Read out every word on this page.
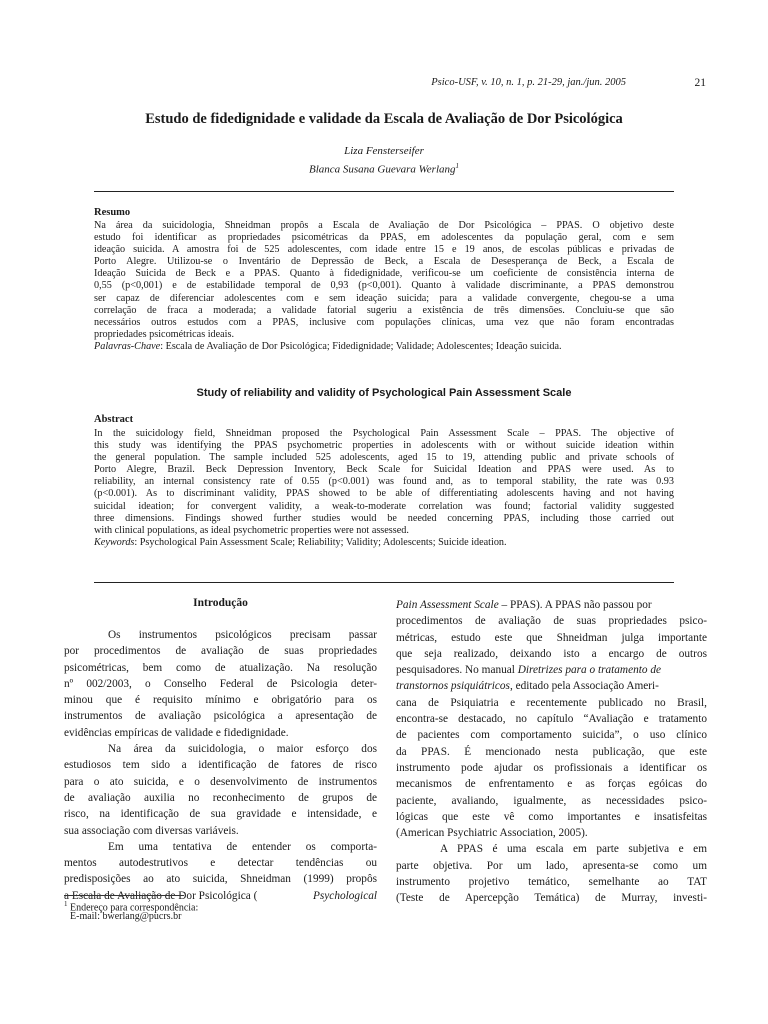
Psico-USF, v. 10, n. 1, p. 21-29, jan./jun. 2005	21
Estudo de fidedignidade e validade da Escala de Avaliação de Dor Psicológica
Liza Fensterseifer
Blanca Susana Guevara Werlang$^1$
Resumo
Na área da suicidologia, Shneidman propôs a Escala de Avaliação de Dor Psicológica – PPAS. O objetivo deste
estudo foi identificar as propriedades psicométricas da PPAS, em adolescentes da população geral, com e sem
ideação suicida. A amostra foi de 525 adolescentes, com idade entre 15 e 19 anos, de escolas públicas e privadas de
Porto Alegre. Utilizou-se o Inventário de Depressão de Beck, a Escala de Desesperança de Beck, a Escala de
Ideação Suicida de Beck e a PPAS. Quanto à fidedignidade, verificou-se um coeficiente de consistência interna de
0,55 (p<0,001) e de estabilidade temporal de 0,93 (p<0,001). Quanto à validade discriminante, a PPAS demonstrou
ser capaz de diferenciar adolescentes com e sem ideação suicida; para a validade convergente, chegou-se a uma
correlação de fraca a moderada; a validade fatorial sugeriu a existência de três dimensões. Concluiu-se que são
necessários outros estudos com a PPAS, inclusive com populações clínicas, uma vez que não foram encontradas
propriedades psicométricas ideais.
Palavras-Chave: Escala de Avaliação de Dor Psicológica; Fidedignidade; Validade; Adolescentes; Ideação suicida.
Study of reliability and validity of Psychological Pain Assessment Scale
Abstract
In the suicidology field, Shneidman proposed the Psychological Pain Assessment Scale – PPAS. The objective of
this study was identifying the PPAS psychometric properties in adolescents with or without suicide ideation within
the general population. The sample included 525 adolescents, aged 15 to 19, attending public and private schools of
Porto Alegre, Brazil. Beck Depression Inventory, Beck Scale for Suicidal Ideation and PPAS were used. As to
reliability, an internal consistency rate of 0.55 (p<0.001) was found and, as to temporal stability, the rate was 0.93
(p<0.001). As to discriminant validity, PPAS showed to be able of differentiating adolescents having and not having
suicidal ideation; for convergent validity, a weak-to-moderate correlation was found; factorial validity suggested
three dimensions. Findings showed further studies would be needed concerning PPAS, including those carried out
with clinical populations, as ideal psychometric properties were not assessed.
Keywords: Psychological Pain Assessment Scale; Reliability; Validity; Adolescents; Suicide ideation.
Introdução
Os instrumentos psicológicos precisam passar
por procedimentos de avaliação de suas propriedades
psicométricas, bem como de atualização. Na resolução
nº 002/2003, o Conselho Federal de Psicologia deter-
minou que é requisito mínimo e obrigatório para os
instrumentos de avaliação psicológica a apresentação de
evidências empíricas de validade e fidedignidade.
Na área da suicidologia, o maior esforço dos
estudiosos tem sido a identificação de fatores de risco
para o ato suicida, e o desenvolvimento de instrumentos
de avaliação auxilia no reconhecimento de grupos de
risco, na identificação de sua gravidade e intensidade, e
sua associação com diversas variáveis.
Em uma tentativa de entender os comporta-
mentos autodestrutivos e detectar tendências ou
predisposições ao ato suicida, Shneidman (1999) propôs
a Escala de Avaliação de Dor Psicológica (	Psychological
Pain Assessment Scale – PPAS). A PPAS não passou por
procedimentos de avaliação de suas propriedades psico-
métricas, estudo este que Shneidman julga importante
que seja realizado, deixando isto a encargo de outros
pesquisadores. No manual Diretrizes para o tratamento de
transtornos psiquiátricos, editado pela Associação Ameri-
cana de Psiquiatria e recentemente publicado no Brasil,
encontra-se destacado, no capítulo “Avaliação e tratamento
de pacientes com comportamento suicida”, o uso clínico
da PPAS. É mencionado nesta publicação, que este
instrumento pode ajudar os profissionais a identificar os
mecanismos de enfrentamento e as forças egóicas do
paciente, avaliando, igualmente, as necessidades psico-
lógicas que este vê como importantes e insatisfeitas
(American Psychiatric Association, 2005).
A PPAS é uma escala em parte subjetiva e em
parte objetiva. Por um lado, apresenta-se como um
instrumento projetivo temático, semelhante ao TAT
(Teste de Apercepção Temática) de Murray, investi-
$^1$ Endereço para correspondência:
E-mail: bwerlang@pucrs.br
